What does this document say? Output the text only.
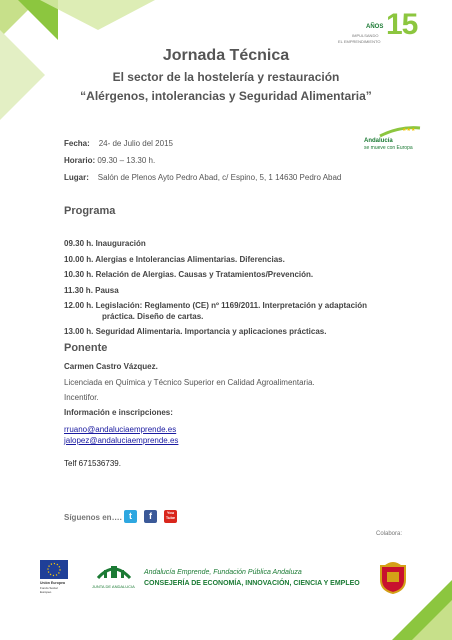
15
AÑOS
IMPULSANDO
EL EMPRENDIMIENTO
Jornada Técnica
El sector de la hostelería y restauración
“Alérgenos, intolerancias y Seguridad Alimentaria”
★★★
Andalucía
se mueve con Europa
Fecha: 24- de Julio del 2015
Horario: 09.30 – 13.30 h.
Lugar: Salón de Plenos Ayto Pedro Abad, c/ Espino, 5, 1 14630 Pedro Abad
Programa
09.30 h. Inauguración
10.00 h. Alergias e Intolerancias Alimentarias. Diferencias.
10.30 h. Relación de Alergias. Causas y Tratamientos/Prevención.
11.30 h. Pausa
12.00 h. Legislación: Reglamento (CE) nº 1169/2011. Interpretación y adaptación
práctica. Diseño de cartas.
13.00 h. Seguridad Alimentaria. Importancia y aplicaciones prácticas.
Ponente
Carmen Castro Vázquez.
Licenciada en Química y Técnico Superior en Calidad Agroalimentaria.
Incentifor.
Información e inscripciones:
rruano@andaluciaemprende.es
jalopez@andaluciaemprende.es
Telf 671536739.
Síguenos en…. t	f	You Tube
Colabora:
Unión Europea
Fondo Social
Europeo
JUNTA DE ANDALUCIA
Andalucía Emprende, Fundación Pública Andaluza
CONSEJERÍA DE ECONOMÍA, INNOVACIÓN, CIENCIA Y EMPLEO
